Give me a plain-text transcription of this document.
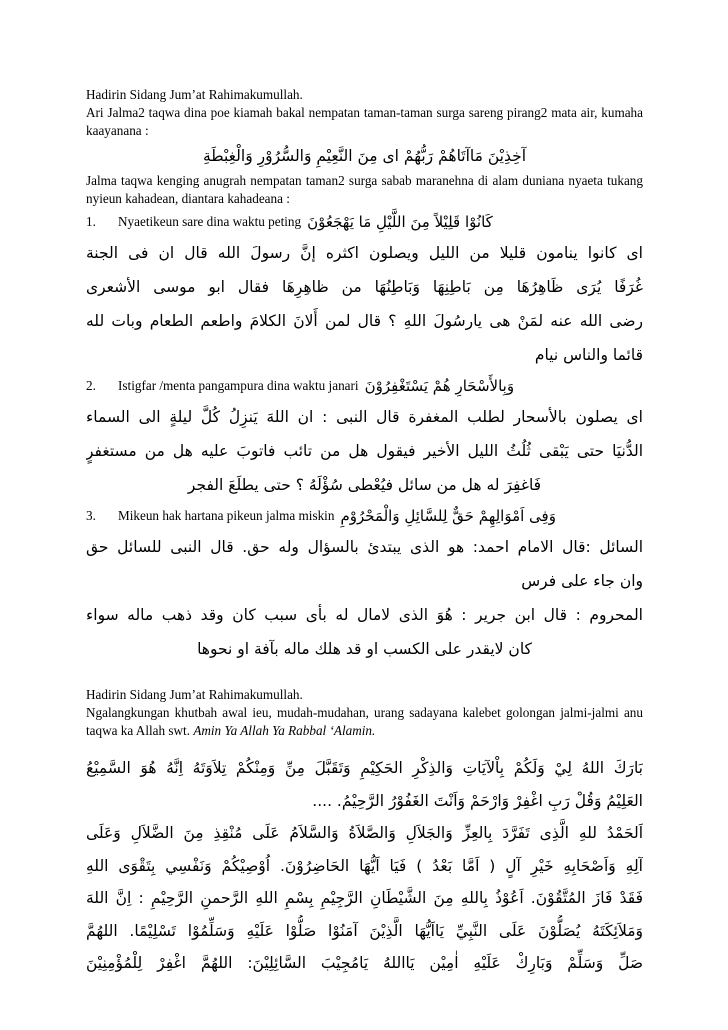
Hadirin Sidang Jum’at Rahimakumullah.

Ari Jalma2 taqwa dina poe kiamah bakal nempatan taman-taman surga sareng pirang2 mata air, kumaha kaayanana :

آخِذِيْنَ مَاآتَاهُمْ رَبُّهُمْ اى مِنَ النَّعِيْمِ وَالسُّرُوْرِ وَالْغِبْطَةِ

Jalma taqwa kenging anugrah nempatan taman2 surga sabab maranehna di alam duniana nyaeta tukang nyieun kahadean, diantara kahadeana :

1.	Nyaetikeun sare dina waktu peting كَانُوْا قَلِيْلاً مِنَ اللَّيْلِ مَا يَهْجَعُوْنَ
اى كانوا ينامون قليلا من الليل ويصلون اكثره إنَّ رسولَ الله قال ان فى الجنة
غُرَفًا يُرَى ظَاهِرُهَا مِن بَاطِنِهَا وَبَاطِنُهَا من ظاهِرِهَا فقال ابو موسى الأشعرى
رضى الله عنه لمَنْ هى يارسُولَ اللهِ ؟ قال لمن أَلانَ الكلامَ واطعم الطعام وبات لله
قائما والناس نيام
2.	Istigfar /menta pangampura dina waktu janari وَبِالأَسْحَارِ هُمْ يَسْتَغْفِرُوْنَ
اى يصلون بالأسحار لطلب المغفرة قال النبى : ان اللهَ يَنزِلُ كُلَّ ليلةٍ الى السماء
الدُّنيَا حتى يَبْقى ثُلُثُ الليل الأخير فيقول هل من تائب فاتوبَ عليه هل من مستغفرٍ
فَاغفِرَ له هل من سائل فيُعْطى سُؤْلَهُ ؟ حتى يطلَعَ الفجر
3.	Mikeun hak hartana pikeun jalma miskin وَفِى اَمْوَالِهِمْ حَقٌّ لِلسَّائِلِ وَالْمَحْرُوْمِ
السائل :قال الامام احمد: هو الذى يبتدئ بالسؤال وله حق. قال النبى للسائل حق
وان جاء على فرس
المحروم : قال ابن جرير : هُوَ الذى لامال له بأى سبب كان وقد ذهب ماله سواء
كان لايقدر على الكسب او قد هلك ماله بآفة او نحوها

Hadirin Sidang Jum’at Rahimakumullah.

Ngalangkungan khutbah awal ieu, mudah-mudahan, urang sadayana kalebet golongan jalmi-jalmi anu taqwa ka Allah swt. Amin Ya Allah Ya Rabbal ‘Alamin.

بَارَكَ اللهُ لِيْ وَلَكُمْ بِاْلآيَاتِ وَالذِكْرِ الحَكِيْمِ وَتَقَبَّلَ مِنِّ وَمِنْكُمْ تِلاَوَتَهُ اِنَّهُ هُوَ السَّمِيْعُ
العَلِيْمُ وَقُلْ رَبِ اغْفِرْ وَارْحَمْ وَاَنْتَ الغَفُوْرُ الرَّحِيْمُ. ....
اَلحَمْدُ للهِ الَّذِى تَفَرَّدَ بِالعِزِّ وَالجَلاَلِ وَالصَّلاَةُ وَالسَّلاَمُ عَلَى مُنْقِذِ مِنَ الضَّلاَلِ وَعَلَى
آلِهِ وَاَصْحَابِهِ خَيْرِ آلٍ ( اَمَّا بَعْدُ ) فَيَا اَيُّهَا الحَاضِرُوْنَ. اُوْصِيْكُمْ وَنَفْسِي بِتَقْوَى اللهِ
فَقَدْ فَازَ المُتَّقُوْنَ. اَعُوْذُ بِاللهِ مِنَ الشَّيْطَانِ الرَّجِيْمِ بِسْمِ اللهِ الرَّحمنِ الرَّحِيْمِ : اِنَّ اللهَ
وَمَلاَئِكَتَهُ يُصَلُّوْنَ عَلَى النَّبِيِّ يَااَيُّهَا الَّذِيْنَ آمَنُوْا صَلُّوْا عَلَيْهِ وَسَلِّمُوْا تَسْلِيْمًا. اللهُمَّ
صَلِّ وَسَلِّمْ وَبَارِكْ عَلَيْهِ اٰمِيْن يَااللهُ يَامُجِيْبَ السَّائِلِيْنَ: اللهُمَّ اغْفِرْ لِلْمُؤْمِنِيْنَ
